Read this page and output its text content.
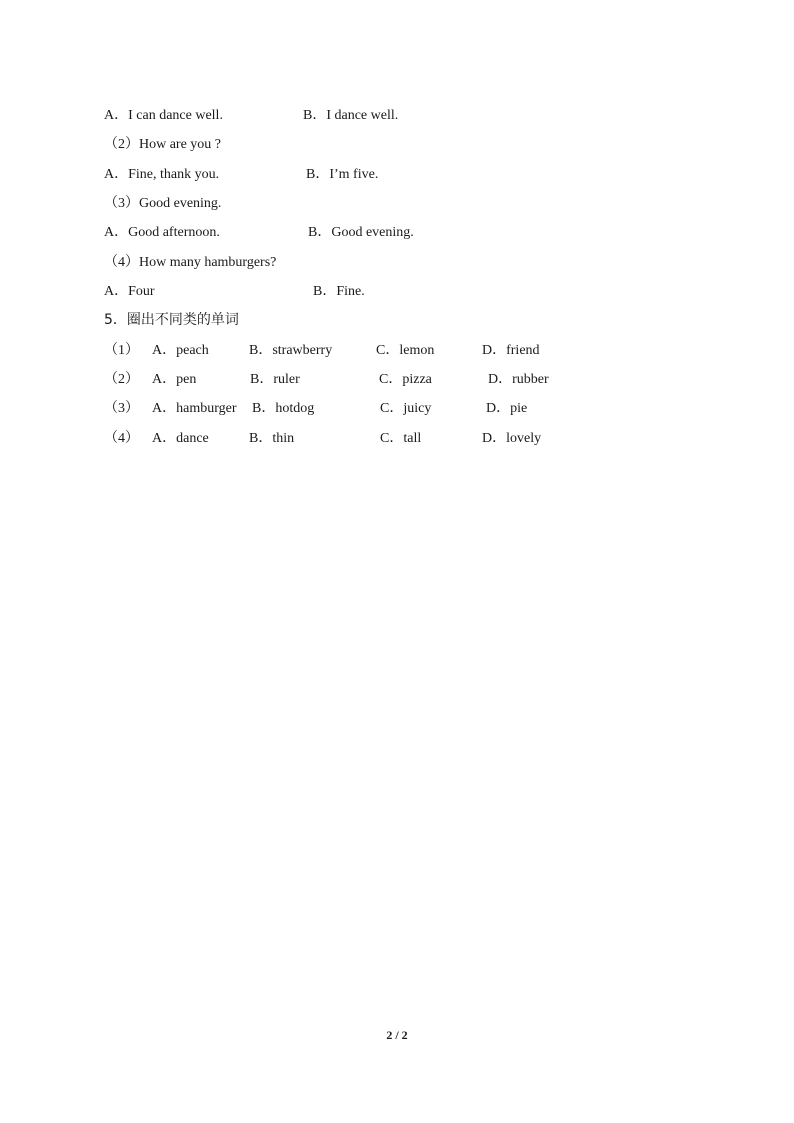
A．I can dance well.	B．I dance well.
（2）How are you ?
A．Fine, thank you.	B．I’m five.
（3）Good evening.
A．Good afternoon.	B．Good evening.
（4）How many hamburgers?
A．Four	B．Fine.
5．圈出不同类的单词
（1） A．peach	B．strawberry	C．lemon	D．friend
（2） A．pen	B．ruler	C．pizza	D．rubber
（3） A．hamburger B．hotdog	C．juicy	D．pie
（4） A．dance	B．thin	C．tall	D．lovely
2 / 2
